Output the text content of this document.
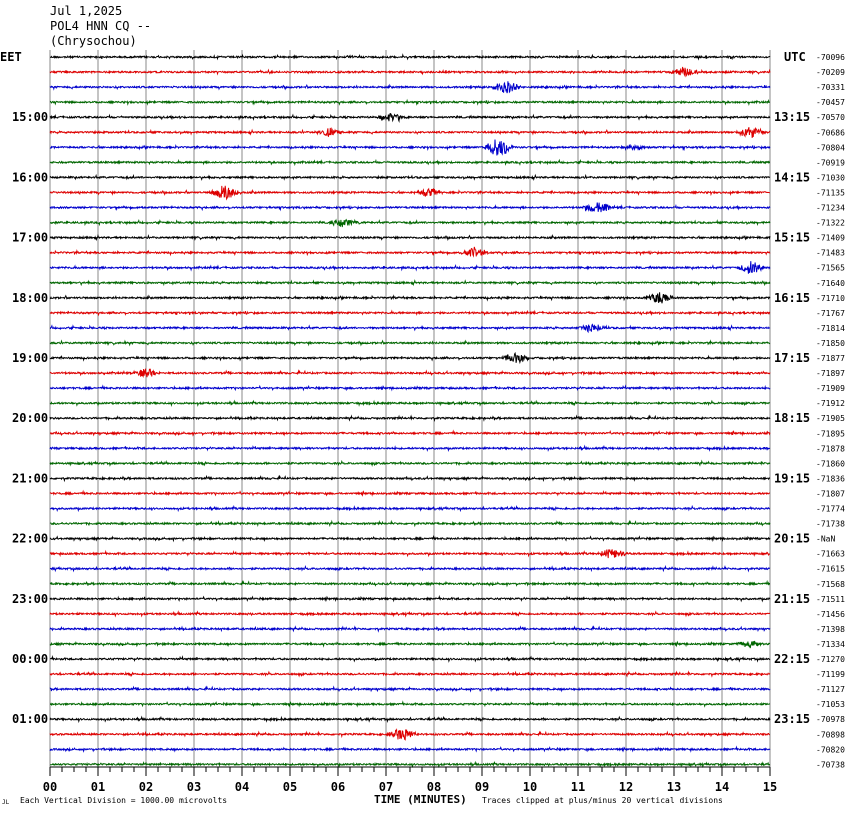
-70096
-70209
-70331
-70457
-70570
-70686
-70804
-70919
-71030
-71135
-71234
-71322
-71409
-71483
-71565
-71640
-71710
-71767
-71814
-71850
-71877
-71897
-71909
-71912
-71905
-71895
-71878
-71860
-71836
-71807
-71774
-71738
-NaN
-71663
-71615
-71568
-71511
-71456
-71398
-71334
-71270
-71199
-71127
-71053
-70978
-70898
-70820
-70738
15:00
16:00
17:00
18:00
19:00
20:00
21:00
22:00
23:00
00:00
01:00
13:15
14:15
15:15
16:15
17:15
18:15
19:15
20:15
21:15
22:15
23:15
00	01	02	03	04	05	06	07	08	09	10	11	12	13	14	15
Jul 1,2025
POL4 HNN CQ --
(Chrysochou)
EET	UTC
JL Each Vertical Division = 1000.00 microvolts	TIME (MINUTES) Traces clipped at plus/minus 20 vertical divisions
